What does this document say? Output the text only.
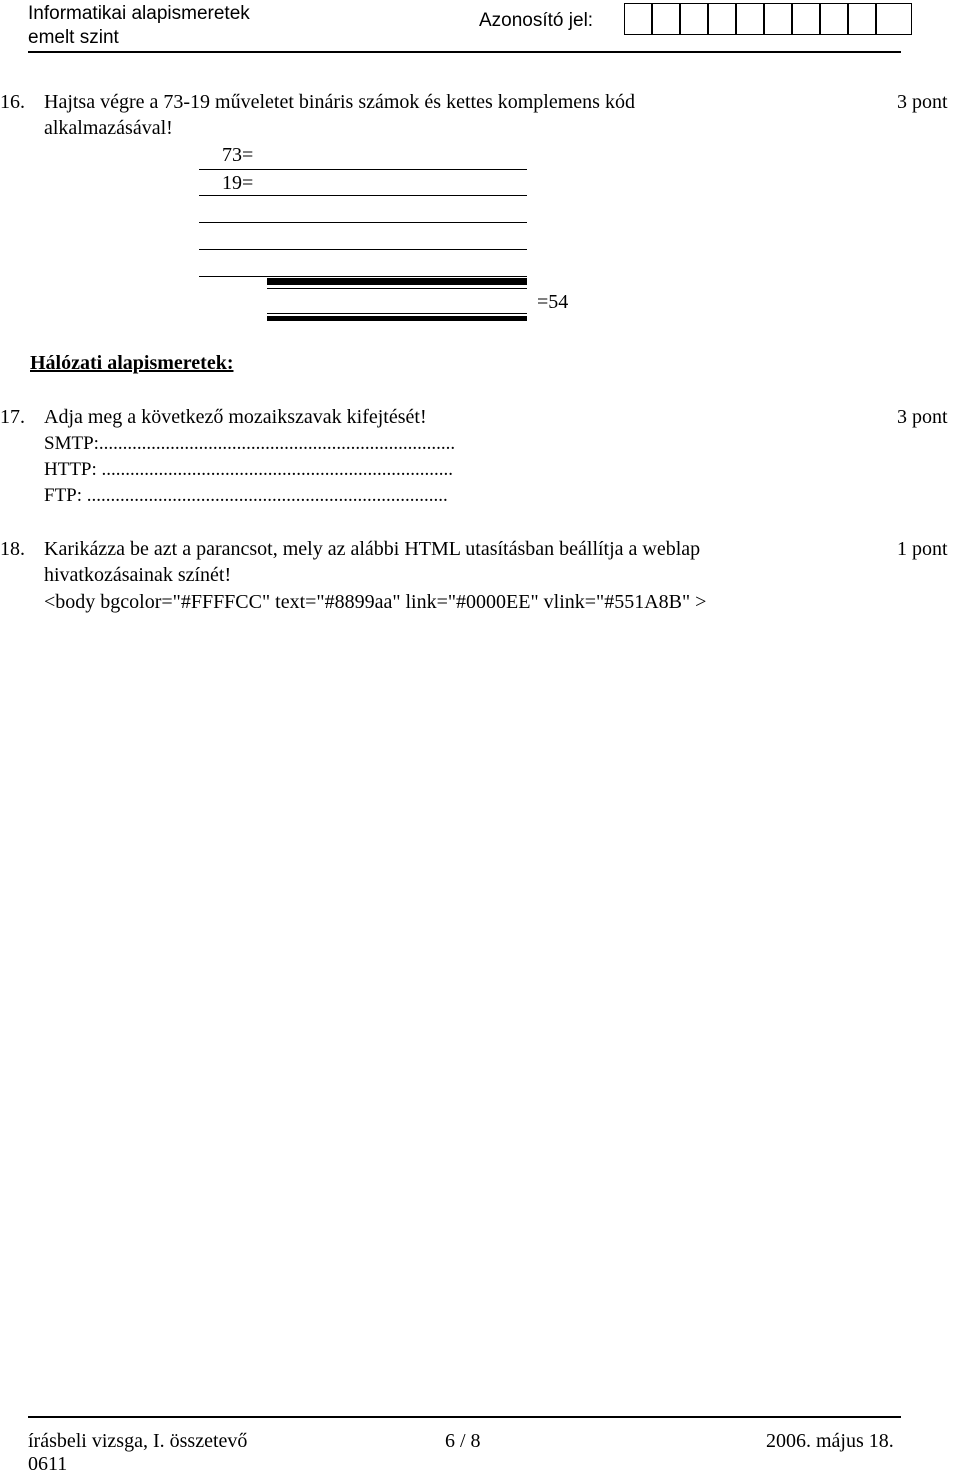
Informatikai alapismeretek
emelt szint
Azonosító jel:
16. Hajtsa végre a 73-19 műveletet bináris számok és kettes komplemens kód
alkalmazásával!
3 pont
73=
19=
=54
Hálózati alapismeretek:
17. Adja meg a következő mozaikszavak kifejtését!	3 pont
SMTP:...........................................................................
HTTP: ..........................................................................
FTP: ............................................................................
18. Karikázza be azt a parancsot, mely az alábbi HTML utasításban beállítja a weblap
hivatkozásainak színét!
1 pont
<body bgcolor="#FFFFCC" text="#8899aa" link="#0000EE" vlink="#551A8B" >
írásbeli vizsga, I. összetevő
0611
6 / 8	2006. május 18.
